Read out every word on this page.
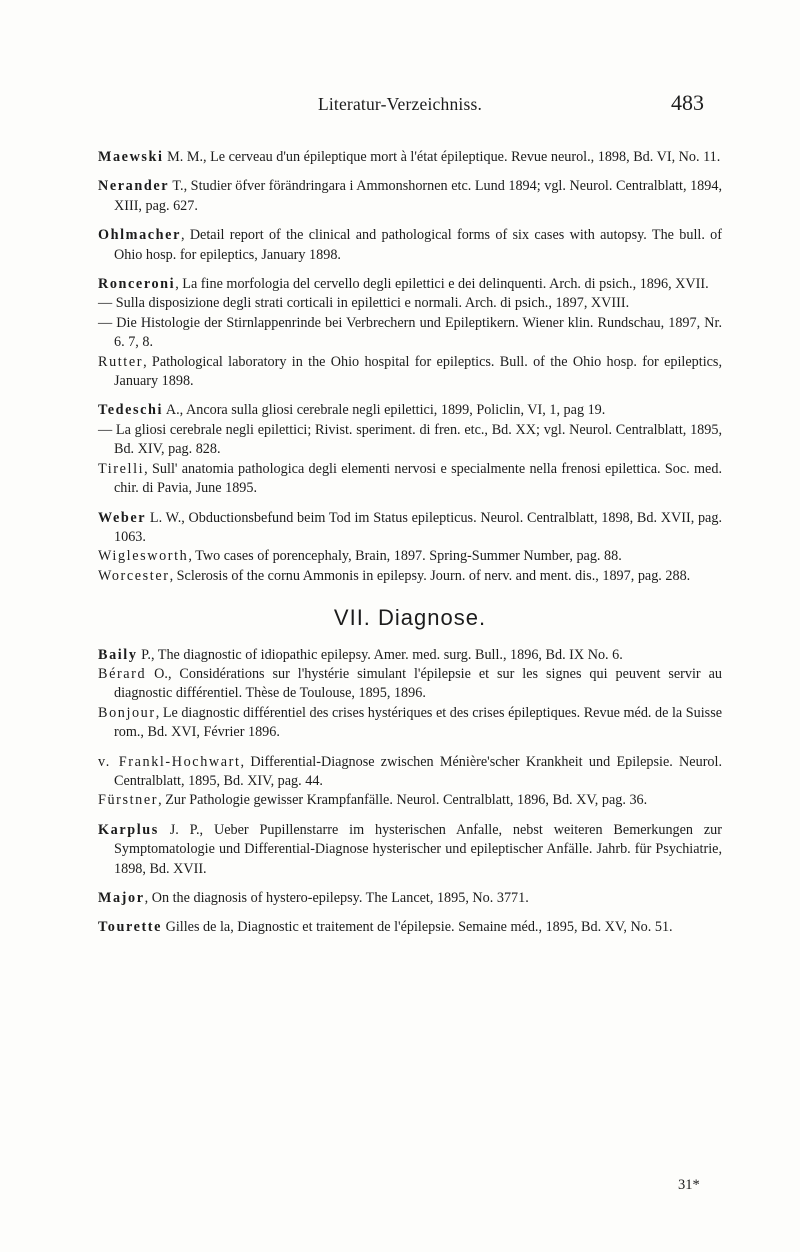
Literatur-Verzeichniss.	483

Maewski M. M., Le cerveau d'un épileptique mort à l'état épileptique. Revue neurol., 1898, Bd. VI, No. 11.

Nerander T., Studier öfver förändringara i Ammonshornen etc. Lund 1894; vgl. Neurol. Centralblatt, 1894, XIII, pag. 627.

Ohlmacher, Detail report of the clinical and pathological forms of six cases with autopsy. The bull. of Ohio hosp. for epileptics, January 1898.

Ronceroni, La fine morfologia del cervello degli epilettici e dei delinquenti. Arch. di psich., 1896, XVII.

— Sulla disposizione degli strati corticali in epilettici e normali. Arch. di psich., 1897, XVIII.

— Die Histologie der Stirnlappenrinde bei Verbrechern und Epileptikern. Wiener klin. Rundschau, 1897, Nr. 6. 7, 8.

Rutter, Pathological laboratory in the Ohio hospital for epileptics. Bull. of the Ohio hosp. for epileptics, January 1898.

Tedeschi A., Ancora sulla gliosi cerebrale negli epilettici, 1899, Policlin, VI, 1, pag 19.

— La gliosi cerebrale negli epilettici; Rivist. speriment. di fren. etc., Bd. XX; vgl. Neurol. Centralblatt, 1895, Bd. XIV, pag. 828.

Tirelli, Sull' anatomia pathologica degli elementi nervosi e specialmente nella frenosi epilettica. Soc. med. chir. di Pavia, June 1895.

Weber L. W., Obductionsbefund beim Tod im Status epilepticus. Neurol. Centralblatt, 1898, Bd. XVII, pag. 1063.

Wiglesworth, Two cases of porencephaly, Brain, 1897. Spring-Summer Number, pag. 88.

Worcester, Sclerosis of the cornu Ammonis in epilepsy. Journ. of nerv. and ment. dis., 1897, pag. 288.

VII. Diagnose.

Baily P., The diagnostic of idiopathic epilepsy. Amer. med. surg. Bull., 1896, Bd. IX No. 6.

Bérard O., Considérations sur l'hystérie simulant l'épilepsie et sur les signes qui peuvent servir au diagnostic différentiel. Thèse de Toulouse, 1895, 1896.

Bonjour, Le diagnostic différentiel des crises hystériques et des crises épileptiques. Revue méd. de la Suisse rom., Bd. XVI, Février 1896.

v. Frankl-Hochwart, Differential-Diagnose zwischen Ménière'scher Krankheit und Epilepsie. Neurol. Centralblatt, 1895, Bd. XIV, pag. 44.

Fürstner, Zur Pathologie gewisser Krampfanfälle. Neurol. Centralblatt, 1896, Bd. XV, pag. 36.

Karplus J. P., Ueber Pupillenstarre im hysterischen Anfalle, nebst weiteren Bemerkungen zur Symptomatologie und Differential-Diagnose hysterischer und epileptischer Anfälle. Jahrb. für Psychiatrie, 1898, Bd. XVII.

Major, On the diagnosis of hystero-epilepsy. The Lancet, 1895, No. 3771.

Tourette Gilles de la, Diagnostic et traitement de l'épilepsie. Semaine méd., 1895, Bd. XV, No. 51.

31*
